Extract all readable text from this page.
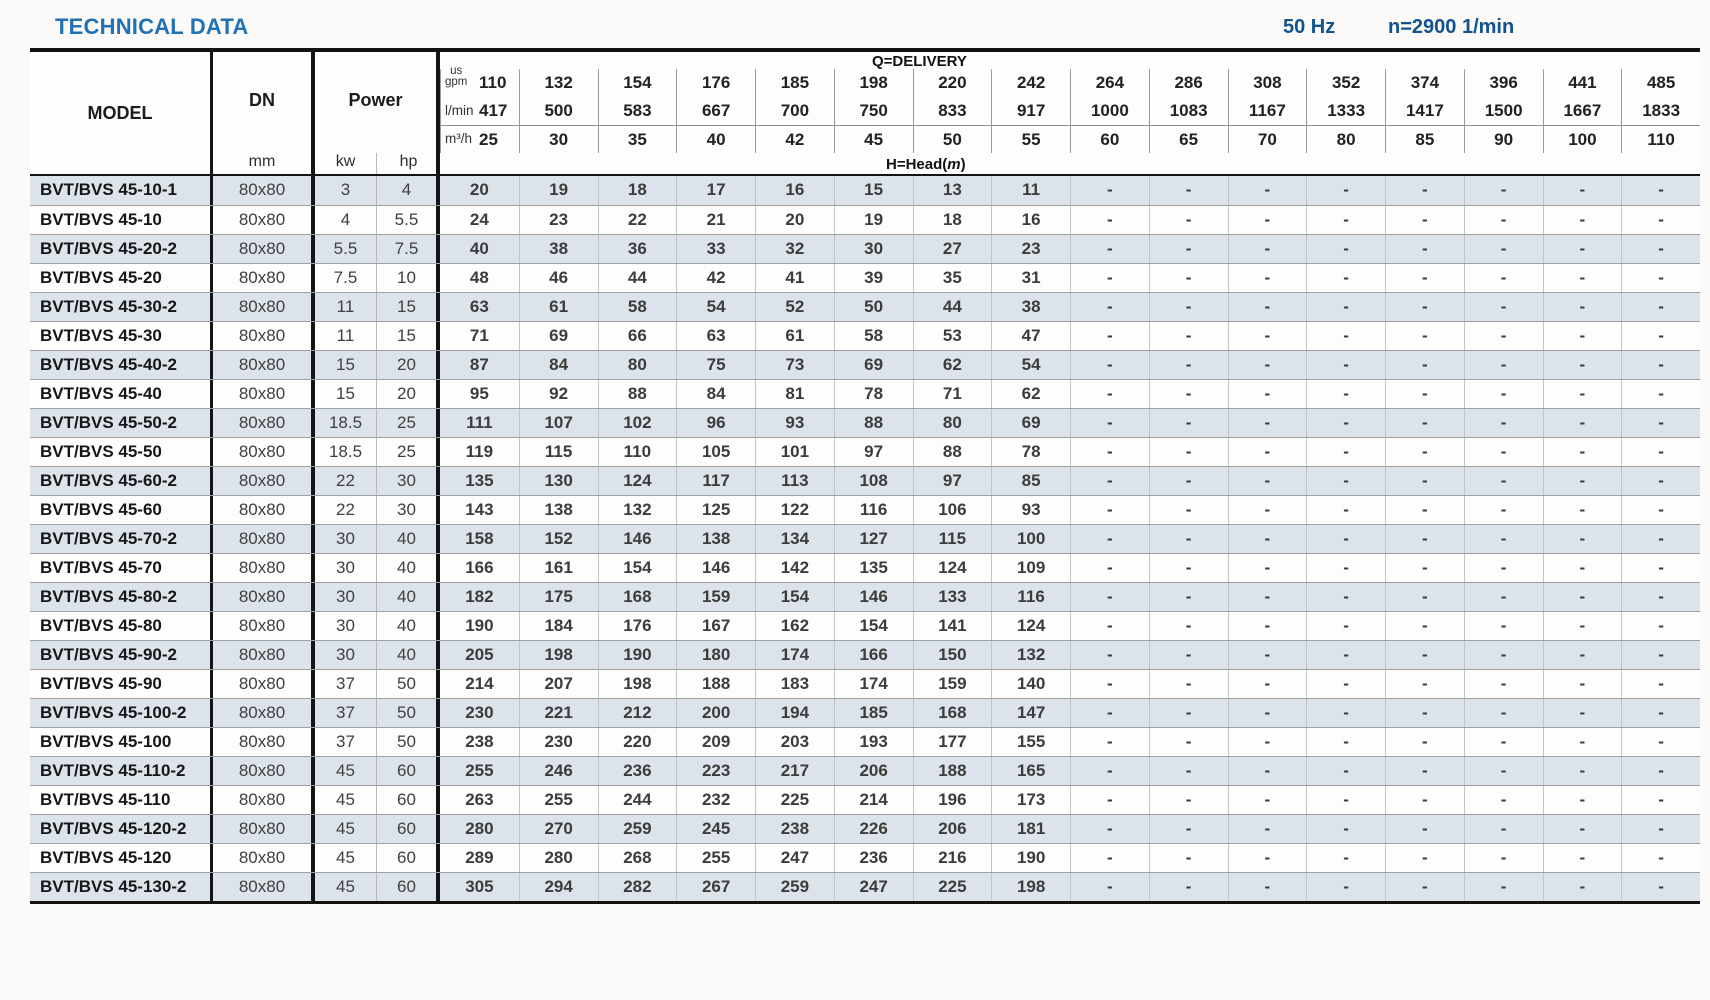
TECHNICAL DATA	50 Hz	n=2900 1/min
MODEL
DN
mm
Power
kw	hp
Q=DELIVERY
us
gpm 110	132	154	176	185	198	220	242	264	286	308	352	374	396	441	485
l/min 417	500	583	667	700	750	833	917	1000	1083	1167	1333	1417	1500	1667	1833
m³/h 25	30	35	40	42	45	50	55	60	65	70	80	85	90	100	110
H=Head(m)
BVT/BVS 45-10-1	80x80	3	4	20	19	18	17	16	15	13	11	-	-	-	-	-	-	-	-
BVT/BVS 45-10	80x80	4	5.5	24	23	22	21	20	19	18	16	-	-	-	-	-	-	-	-
BVT/BVS 45-20-2	80x80	5.5	7.5	40	38	36	33	32	30	27	23	-	-	-	-	-	-	-	-
BVT/BVS 45-20	80x80	7.5	10	48	46	44	42	41	39	35	31	-	-	-	-	-	-	-	-
BVT/BVS 45-30-2	80x80	11	15	63	61	58	54	52	50	44	38	-	-	-	-	-	-	-	-
BVT/BVS 45-30	80x80	11	15	71	69	66	63	61	58	53	47	-	-	-	-	-	-	-	-
BVT/BVS 45-40-2	80x80	15	20	87	84	80	75	73	69	62	54	-	-	-	-	-	-	-	-
BVT/BVS 45-40	80x80	15	20	95	92	88	84	81	78	71	62	-	-	-	-	-	-	-	-
BVT/BVS 45-50-2	80x80	18.5	25	111	107	102	96	93	88	80	69	-	-	-	-	-	-	-	-
BVT/BVS 45-50	80x80	18.5	25	119	115	110	105	101	97	88	78	-	-	-	-	-	-	-	-
BVT/BVS 45-60-2	80x80	22	30	135	130	124	117	113	108	97	85	-	-	-	-	-	-	-	-
BVT/BVS 45-60	80x80	22	30	143	138	132	125	122	116	106	93	-	-	-	-	-	-	-	-
BVT/BVS 45-70-2	80x80	30	40	158	152	146	138	134	127	115	100	-	-	-	-	-	-	-	-
BVT/BVS 45-70	80x80	30	40	166	161	154	146	142	135	124	109	-	-	-	-	-	-	-	-
BVT/BVS 45-80-2	80x80	30	40	182	175	168	159	154	146	133	116	-	-	-	-	-	-	-	-
BVT/BVS 45-80	80x80	30	40	190	184	176	167	162	154	141	124	-	-	-	-	-	-	-	-
BVT/BVS 45-90-2	80x80	30	40	205	198	190	180	174	166	150	132	-	-	-	-	-	-	-	-
BVT/BVS 45-90	80x80	37	50	214	207	198	188	183	174	159	140	-	-	-	-	-	-	-	-
BVT/BVS 45-100-2	80x80	37	50	230	221	212	200	194	185	168	147	-	-	-	-	-	-	-	-
BVT/BVS 45-100	80x80	37	50	238	230	220	209	203	193	177	155	-	-	-	-	-	-	-	-
BVT/BVS 45-110-2	80x80	45	60	255	246	236	223	217	206	188	165	-	-	-	-	-	-	-	-
BVT/BVS 45-110	80x80	45	60	263	255	244	232	225	214	196	173	-	-	-	-	-	-	-	-
BVT/BVS 45-120-2	80x80	45	60	280	270	259	245	238	226	206	181	-	-	-	-	-	-	-	-
BVT/BVS 45-120	80x80	45	60	289	280	268	255	247	236	216	190	-	-	-	-	-	-	-	-
BVT/BVS 45-130-2	80x80	45	60	305	294	282	267	259	247	225	198	-	-	-	-	-	-	-	-
